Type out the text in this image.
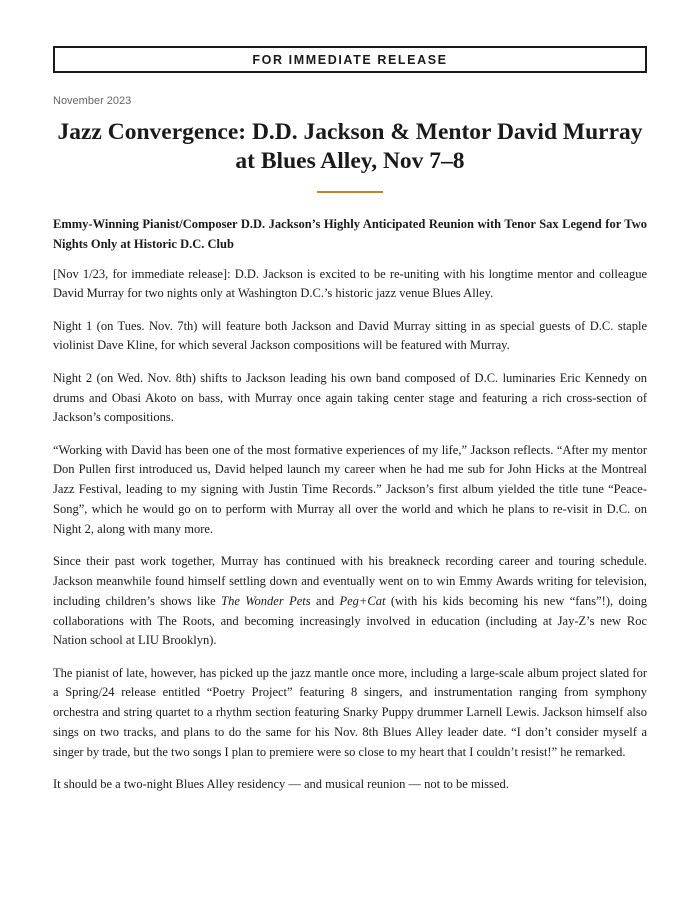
FOR IMMEDIATE RELEASE
November 2023
Jazz Convergence: D.D. Jackson & Mentor David Murray at Blues Alley, Nov 7–8
Emmy-Winning Pianist/Composer D.D. Jackson’s Highly Anticipated Reunion with Tenor Sax Legend for Two Nights Only at Historic D.C. Club

[Nov 1/23, for immediate release]: D.D. Jackson is excited to be re-uniting with his longtime mentor and colleague David Murray for two nights only at Washington D.C.’s historic jazz venue Blues Alley.

Night 1 (on Tues. Nov. 7th) will feature both Jackson and David Murray sitting in as special guests of D.C. staple violinist Dave Kline, for which several Jackson compositions will be featured with Murray.

Night 2 (on Wed. Nov. 8th) shifts to Jackson leading his own band composed of D.C. luminaries Eric Kennedy on drums and Obasi Akoto on bass, with Murray once again taking center stage and featuring a rich cross-section of Jackson’s compositions.

“Working with David has been one of the most formative experiences of my life,” Jackson reflects. “After my mentor Don Pullen first introduced us, David helped launch my career when he had me sub for John Hicks at the Montreal Jazz Festival, leading to my signing with Justin Time Records.” Jackson’s first album yielded the title tune “Peace-Song”, which he would go on to perform with Murray all over the world and which he plans to re-visit in D.C. on Night 2, along with many more.

Since their past work together, Murray has continued with his breakneck recording career and touring schedule. Jackson meanwhile found himself settling down and eventually went on to win Emmy Awards writing for television, including children’s shows like The Wonder Pets and Peg+Cat (with his kids becoming his new “fans”!), doing collaborations with The Roots, and becoming increasingly involved in education (including at Jay-Z’s new Roc Nation school at LIU Brooklyn).

The pianist of late, however, has picked up the jazz mantle once more, including a large-scale album project slated for a Spring/24 release entitled “Poetry Project” featuring 8 singers, and instrumentation ranging from symphony orchestra and string quartet to a rhythm section featuring Snarky Puppy drummer Larnell Lewis. Jackson himself also sings on two tracks, and plans to do the same for his Nov. 8th Blues Alley leader date. “I don’t consider myself a singer by trade, but the two songs I plan to premiere were so close to my heart that I couldn’t resist!” he remarked.

It should be a two-night Blues Alley residency — and musical reunion — not to be missed.
